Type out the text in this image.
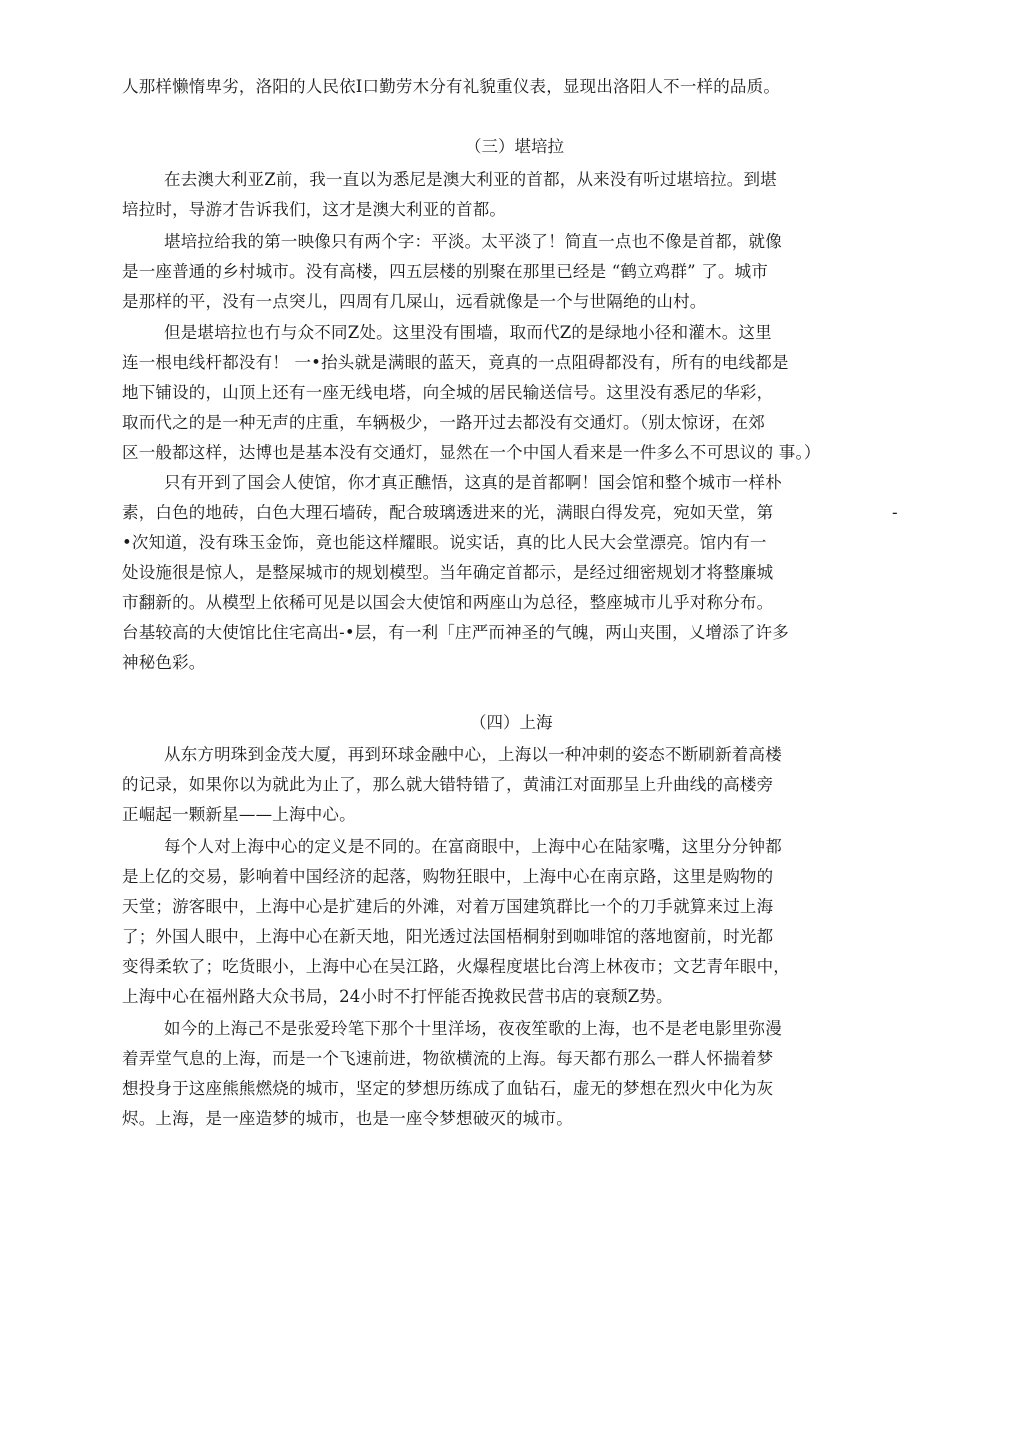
人那样懒惰卑劣，洛阳的人民依I口勤劳木分有礼貌重仪表，显现出洛阳人不一样的品质。
（三）堪培拉
在去澳大利亚Z前，我一直以为悉尼是澳大利亚的首都，从来没有听过堪培拉。到堪
培拉时，导游才告诉我们，这才是澳大利亚的首都。
堪培拉给我的第一映像只有两个字：平淡。太平淡了！简直一点也不像是首都，就像
是一座普通的乡村城市。没有高楼，四五层楼的别聚在那里已经是 “鹤立鸡群” 了。城市
是那样的平，没有一点突儿，四周有几屎山，远看就像是一个与世隔绝的山村。
但是堪培拉也冇与众不同Z处。这里没有围墙，取而代Z的是绿地小径和灌木。这里
连一根电线杆都没有！ 一•抬头就是满眼的蓝天，竟真的一点阻碍都没有，所有的电线都是
地下铺设的，山顶上还有一座无线电塔，向全城的居民输送信号。这里没有悉尼的华彩，
取而代之的是一种无声的庄重，车辆极少，一路开过去都没有交通灯。（别太惊讶，在郊
区一般都这样，达博也是基本没有交通灯，显然在一个中国人看来是一件多么不可思议的 事。）
只有开到了国会人使馆，你才真正醮悟，这真的是首都啊！国会馆和整个城市一样朴
素，白色的地砖，白色大理石墙砖，配合玻璃透进来的光，满眼白得发亮，宛如天堂，第	-
•次知道，没有珠玉金饰，竟也能这样耀眼。说实话，真的比人民大会堂漂亮。馆内有一
处设施很是惊人，是整屎城市的规划模型。当年确定首都示，是经过细密规划才将整廉城
市翻新的。从模型上依稀可见是以国会大使馆和两座山为总径，整座城市儿乎对称分布。
台基较高的大使馆比住宅高出-•层，有一利「庄严而神圣的气魄，两山夹围，乂增添了许多
神秘色彩。
（四）上海
从东方明珠到金茂大厦，再到环球金融中心，上海以一种冲刺的姿态不断刷新着高楼
的记录，如果你以为就此为止了，那么就大错特错了，黄浦江对面那呈上升曲线的高楼旁
正崛起一颗新星——上海中心。
每个人对上海中心的定义是不同的。在富商眼中，上海中心在陆家嘴，这里分分钟都
是上亿的交易，影响着中国经济的起落，购物狂眼中，上海中心在南京路，这里是购物的
天堂；游客眼中，上海中心是扩建后的外滩，对着万国建筑群比一个的刀手就算来过上海
了；外国人眼中，上海中心在新天地，阳光透过法国梧桐射到咖啡馆的落地窗前，时光都
变得柔软了；吃货眼小，上海中心在吴江路，火爆程度堪比台湾上林夜市；文艺青年眼中，
上海中心在福州路大众书局，24小时不打怦能否挽救民营书店的衰颓Z势。
如今的上海己不是张爱玲笔下那个十里洋场，夜夜笙歌的上海，也不是老电影里弥漫
着弄堂气息的上海，而是一个飞速前进，物欲横流的上海。每天都冇那么一群人怀揣着梦
想投身于这座熊熊燃烧的城市，坚定的梦想历练成了血钻石，虚无的梦想在烈火中化为灰
烬。上海，是一座造梦的城市，也是一座令梦想破灭的城市。
